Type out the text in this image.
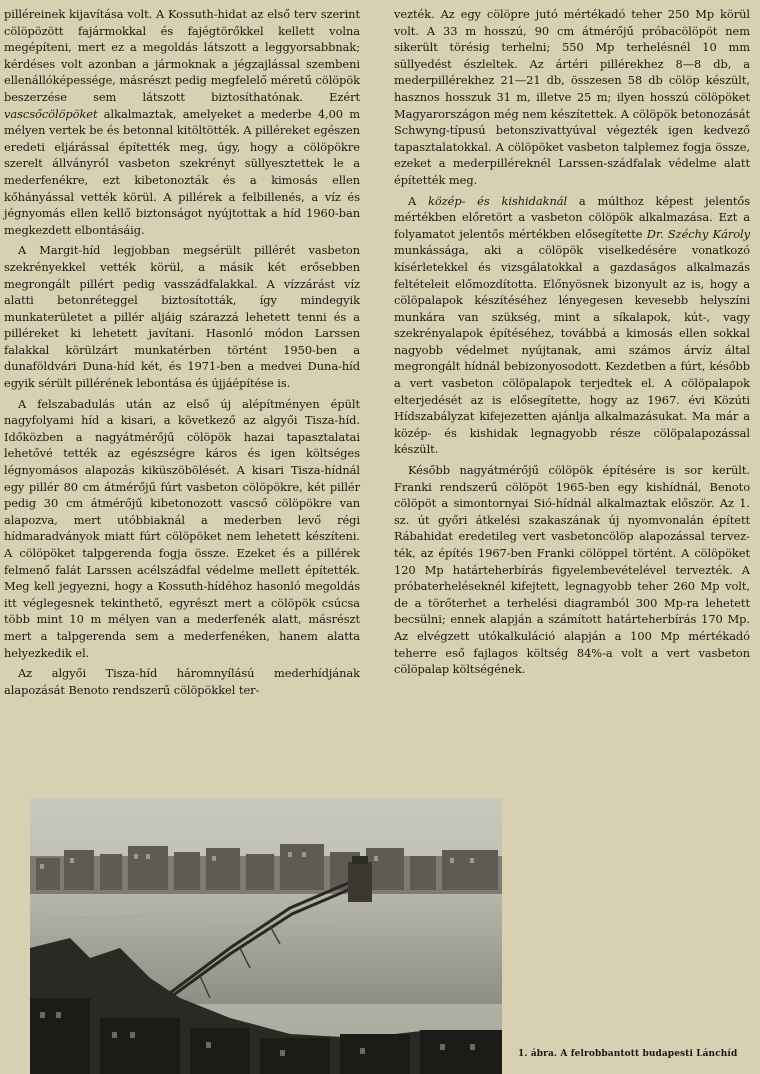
pilléreinek kijavítása volt. A Kossuth-hidat az első terv szerint cölöpözött fajármokkal és fajégtörőkkel kellett volna megépíteni, mert ez a megoldás látszott a leggyorsabbnak; kérdéses volt azonban a jármoknak a jégzajlással szembeni ellenállóképessége, másrészt pedig megfelelő méretű cölöpök beszerzése sem látszott biztosíthatónak. Ezért vascsőcölöpöket alkalmaztak, amelyeket a mederbe 4,00 m mélyen vertek be és betonnal kitöltötték. A pilléreket egészen eredeti eljárással építették meg, úgy, hogy a cölöpökre szerelt állványról vasbeton szekrényt süllyesztettek le a mederfenékre, ezt kibetonozták és a kimosás ellen kőhányással vették körül. A pillérek a felbillenés, a víz és jégnyomás ellen kellő biztonságot nyújtottak a híd 1960-ban megkezdett elbontásáig.

A Margit-híd legjobban megsérült pillérét vasbeton szekrényekkel vették körül, a másik két erősebben megrongált pillért pedig vasszádfalakkal. A vízzárást víz alatti betonréteggel biztosították, így mindegyik munkaterületet a pillér aljáig szárazzá lehetett tenni és a pilléreket ki lehetett javítani. Hasonló módon Larssen falakkal körülzárt munkatérben történt 1950-ben a dunaföldvári Duna-híd két, és 1971-ben a medvei Duna-híd egyik sérült pillérének lebontása és újjáépítése is.

A felszabadulás után az első új alépítményen épült nagyfolyami híd a kisari, a következő az algyői Tisza-híd. Időközben a nagyátmérőjű cölöpök hazai tapasztalatai lehetővé tették az egészségre káros és igen költséges légnyomásos alapozás kiküszöbölését. A kisari Tisza-hídnál egy pillér 80 cm átmérőjű fúrt vasbeton cölöpökre, két pillér pedig 30 cm átmérőjű kibetonozott vascső cölöpökre van alapozva, mert utóbbiaknál a mederben levő régi hídmaradványok miatt fúrt cölöpöket nem lehetett készíteni. A cölöpöket talpgerenda fogja össze. Ezeket és a pillérek felmenő falát Larssen acélszádfal védelme mellett építették. Meg kell jegyezni, hogy a Kossuth-hídéhoz hasonló megoldás itt véglegesnek tekinthető, egyrészt mert a cölöpök csúcsa több mint 10 m mélyen van a mederfenék alatt, másrészt mert a talpgerenda sem a mederfenéken, hanem alatta helyezkedik el.

Az algyői Tisza-híd háromnyílású mederhídjának alapozását Benoto rendszerű cölöpökkel ter-

vezték. Az egy cölöpre jutó mértékadó teher 250 Mp körül volt. A 33 m hosszú, 90 cm átmérőjű próbacölöpöt nem sikerült törésig terhelni; 550 Mp terhelésnél 10 mm süllyedést észleltek. Az ártéri pillérekhez 8—8 db, a mederpillérekhez 21—21 db, összesen 58 db cölöp készült, hasznos hosszuk 31 m, illetve 25 m; ilyen hosszú cölöpöket Magyarországon még nem készítettek. A cölöpök betonozását Schwyng-típusú betonszivattyúval végezték igen kedvező tapasztalatokkal. A cölöpöket vasbeton talplemez fogja össze, ezeket a mederpilléreknél Larssen-szádfalak védelme alatt építették meg.

A közép- és kishidaknál a múlthoz képest jelentős mértékben előretört a vasbeton cölöpök alkalmazása. Ezt a folyamatot jelentős mértékben elősegítette Dr. Széchy Károly munkássága, aki a cölöpök viselkedésére vonatkozó kísérletekkel és vizsgálatokkal a gazdaságos alkalmazás feltételeit előmozdította. Előnyösnek bizonyult az is, hogy a cölöpalapok készítéséhez lényegesen kevesebb helyszíni munkára van szükség, mint a síkalapok, kút-, vagy szekrényalapok építéséhez, továbbá a kimosás ellen sokkal nagyobb védelmet nyújtanak, ami számos árvíz által megrongált hídnál bebizonyosodott. Kezdetben a fúrt, később a vert vasbeton cölöpalapok terjedtek el. A cölöpalapok elterjedését az is elősegítette, hogy az 1967. évi Közúti Hídszabályzat kifejezetten ajánlja alkalmazásukat. Ma már a közép- és kishidak legnagyobb része cölöpalapozással készült.

Később nagyátmérőjű cölöpök építésére is sor került. Franki rendszerű cölöpöt 1965-ben egy kishídnál, Benoto cölöpöt a simontornyai Sió-hídnál alkalmaztak először. Az 1. sz. út győri átkelési szakaszának új nyomvonalán épített Rábahidat eredetileg vert vasbetoncölöp alapozással tervezték, az építés 1967-ben Franki cölöppel történt. A cölöpöket 120 Mp határteherbírás figyelembevételével tervezték. A próbaterheléseknél kifejtett, legnagyobb teher 260 Mp volt, de a törőterhet a terhelési diagramból 300 Mp-ra lehetett becsülni; ennek alapján a számított határteherbírás 170 Mp. Az elvégzett utókalkuláció alapján a 100 Mp mértékadó teherre eső fajlagos költség 84%-a volt a vert vasbeton cölöpalap költségének.

1. ábra. A felrobbantott budapesti Lánchíd
